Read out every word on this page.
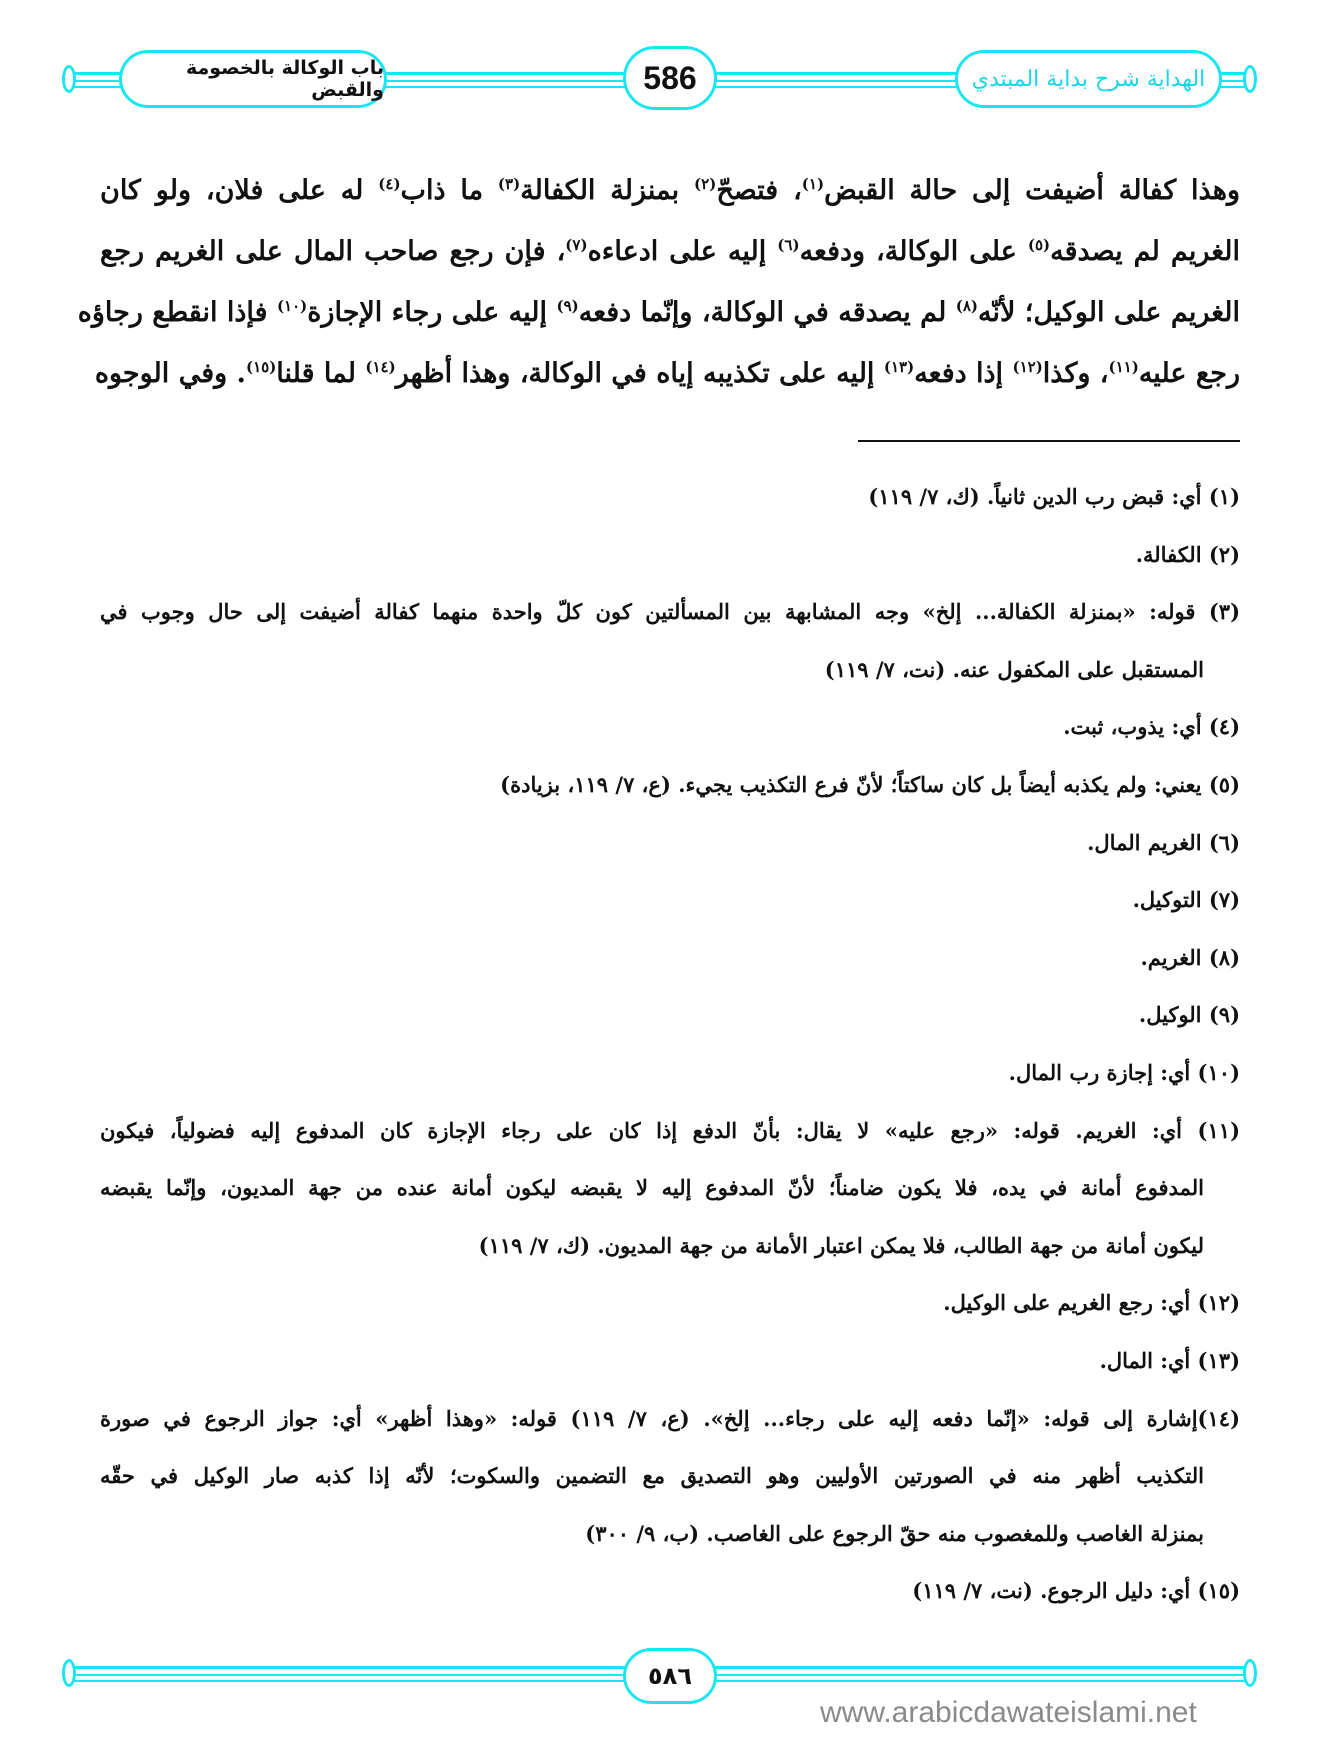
باب الوكالة بالخصومة والقبض	586	الهداية شرح بداية المبتدي
وهذا كفالة أضيفت إلى حالة القبض$^{(١)}$، فتصحّ$^{(٢)}$ بمنزلة الكفالة$^{(٣)}$ ما ذاب$^{(٤)}$ له على فلان، ولو كان
الغريم لم يصدقه$^{(٥)}$ على الوكالة، ودفعه$^{(٦)}$ إليه على ادعاءه$^{(٧)}$، فإن رجع صاحب المال على الغريم رجع
الغريم على الوكيل؛ لأنّه$^{(٨)}$ لم يصدقه في الوكالة، وإنّما دفعه$^{(٩)}$ إليه على رجاء الإجازة$^{(١٠)}$ فإذا انقطع رجاؤه
رجع عليه$^{(١١)}$، وكذا$^{(١٢)}$ إذا دفعه$^{(١٣)}$ إليه على تكذيبه إياه في الوكالة، وهذا أظهر$^{(١٤)}$ لما قلنا$^{(١٥)}$. وفي الوجوه
(١) أي: قبض رب الدين ثانياً. (ك، ٧/ ١١٩)
(٢) الكفالة.
(٣) قوله: «بمنزلة الكفالة... إلخ» وجه المشابهة بين المسألتين كون كلّ واحدة منهما كفالة أضيفت إلى حال وجوب في
المستقبل على المكفول عنه. (نت، ٧/ ١١٩)
(٤) أي: يذوب، ثبت.
(٥) يعني: ولم يكذبه أيضاً بل كان ساكتاً؛ لأنّ فرع التكذيب يجيء. (ع، ٧/ ١١٩، بزيادة)
(٦) الغريم المال.
(٧) التوكيل.
(٨) الغريم.
(٩) الوكيل.
(١٠) أي: إجازة رب المال.
(١١) أي: الغريم. قوله: «رجع عليه» لا يقال: بأنّ الدفع إذا كان على رجاء الإجازة كان المدفوع إليه فضولياً، فيكون
المدفوع أمانة في يده، فلا يكون ضامناً؛ لأنّ المدفوع إليه لا يقبضه ليكون أمانة عنده من جهة المديون، وإنّما يقبضه
ليكون أمانة من جهة الطالب، فلا يمكن اعتبار الأمانة من جهة المديون. (ك، ٧/ ١١٩)
(١٢) أي: رجع الغريم على الوكيل.
(١٣) أي: المال.
(١٤)إشارة إلى قوله: «إنّما دفعه إليه على رجاء... إلخ». (ع، ٧/ ١١٩) قوله: «وهذا أظهر» أي: جواز الرجوع في صورة
التكذيب أظهر منه في الصورتين الأوليين وهو التصديق مع التضمين والسكوت؛ لأنّه إذا كذبه صار الوكيل في حقّه
بمنزلة الغاصب وللمغصوب منه حقّ الرجوع على الغاصب. (ب، ٩/ ٣٠٠)
(١٥) أي: دليل الرجوع. (نت، ٧/ ١١٩)
٥٨٦
www.arabicdawateislami.net
